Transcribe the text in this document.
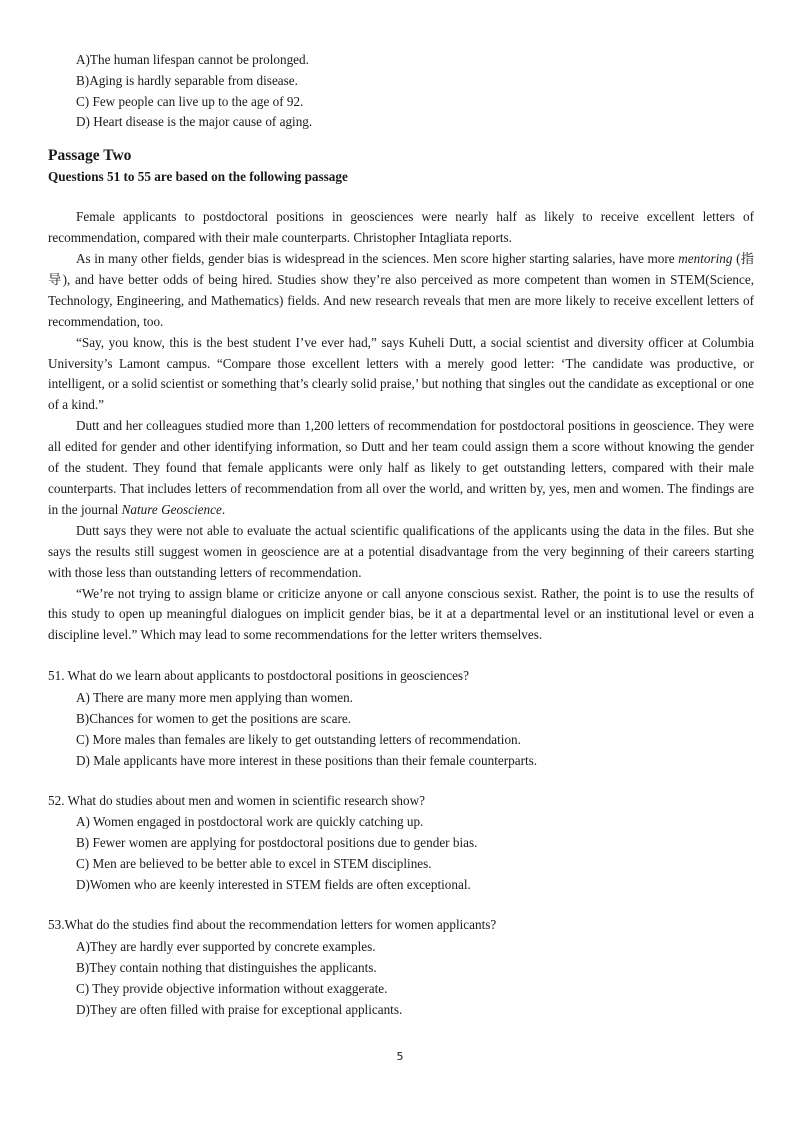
A)The human lifespan cannot be prolonged.
B)Aging is hardly separable from disease.
C) Few people can live up to the age of 92.
D) Heart disease is the major cause of aging.
Passage Two
Questions 51 to 55 are based on the following passage

Female applicants to postdoctoral positions in geosciences were nearly half as likely to receive excellent letters of recommendation, compared with their male counterparts. Christopher Intagliata reports.

As in many other fields, gender bias is widespread in the sciences. Men score higher starting salaries, have more mentoring (指导), and have better odds of being hired. Studies show they’re also perceived as more competent than women in STEM(Science, Technology, Engineering, and Mathematics) fields. And new research reveals that men are more likely to receive excellent letters of recommendation, too.

“Say, you know, this is the best student I’ve ever had,” says Kuheli Dutt, a social scientist and diversity officer at Columbia University’s Lamont campus. “Compare those excellent letters with a merely good letter: ‘The candidate was productive, or intelligent, or a solid scientist or something that’s clearly solid praise,’ but nothing that singles out the candidate as exceptional or one of a kind.”

Dutt and her colleagues studied more than 1,200 letters of recommendation for postdoctoral positions in geoscience. They were all edited for gender and other identifying information, so Dutt and her team could assign them a score without knowing the gender of the student. They found that female applicants were only half as likely to get outstanding letters, compared with their male counterparts. That includes letters of recommendation from all over the world, and written by, yes, men and women. The findings are in the journal Nature Geoscience.

Dutt says they were not able to evaluate the actual scientific qualifications of the applicants using the data in the files. But she says the results still suggest women in geoscience are at a potential disadvantage from the very beginning of their careers starting with those less than outstanding letters of recommendation.

“We’re not trying to assign blame or criticize anyone or call anyone conscious sexist. Rather, the point is to use the results of this study to open up meaningful dialogues on implicit gender bias, be it at a departmental level or an institutional level or even a discipline level.” Which may lead to some recommendations for the letter writers themselves.

51. What do we learn about applicants to postdoctoral positions in geosciences?
A) There are many more men applying than women.
B)Chances for women to get the positions are scare.
C) More males than females are likely to get outstanding letters of recommendation.
D) Male applicants have more interest in these positions than their female counterparts.
52. What do studies about men and women in scientific research show?
A) Women engaged in postdoctoral work are quickly catching up.
B) Fewer women are applying for postdoctoral positions due to gender bias.
C) Men are believed to be better able to excel in STEM disciplines.
D)Women who are keenly interested in STEM fields are often exceptional.
53.What do the studies find about the recommendation letters for women applicants?
A)They are hardly ever supported by concrete examples.
B)They contain nothing that distinguishes the applicants.
C) They provide objective information without exaggerate.
D)They are often filled with praise for exceptional applicants.
5
